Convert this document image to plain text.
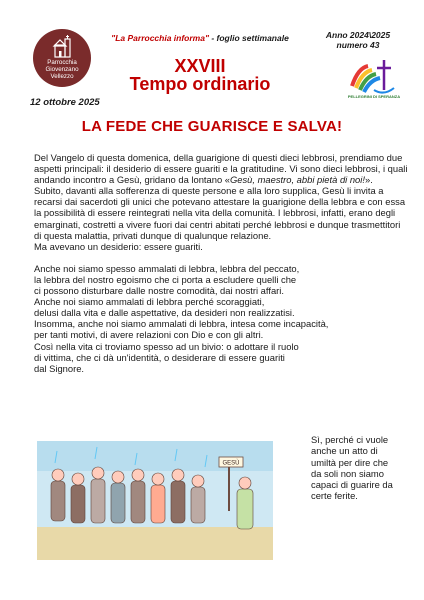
Parrocchia
Giovenzano
Vellezzo
"La Parrocchia informa" - foglio settimanale
XXVIII
Tempo ordinario
12 ottobre 2025
Anno 2024\2025
numero 43
PELLEGRINI DI SPERANZA
LA FEDE CHE GUARISCE E SALVA!

Del Vangelo di questa domenica, della guarigione di questi dieci lebbrosi, prendiamo due aspetti principali: il desiderio di essere guariti e la gratitudine. Vi sono dieci lebbrosi, i quali andando incontro a Gesù, gridano da lontano «Gesù, maestro, abbi pietà di noi!».

Subito, davanti alla sofferenza di queste persone e alla loro supplica, Gesù li invita a recarsi dai sacerdoti gli unici che potevano attestare la guarigione della lebbra e con essa la possibilità di essere reintegrati nella vita della comunità. I lebbrosi, infatti, erano degli emarginati, costretti a vivere fuori dai centri abitati perché lebbrosi e dunque trasmettitori di questa malattia, privati dunque di qualunque relazione.

Ma avevano un desiderio: essere guariti.

Anche noi siamo spesso ammalati di lebbra, lebbra del peccato,
la lebbra del nostro egoismo che ci porta a escludere quelli che
ci possono disturbare dalle nostre comodità, dai nostri affari.
Anche noi siamo ammalati di lebbra perché scoraggiati,
delusi dalla vita e dalle aspettative, da desideri non realizzatisi.
Insomma, anche noi siamo ammalati di lebbra, intesa come incapacità,
per tanti motivi, di avere relazioni con Dio e con gli altri.
Così nella vita ci troviamo spesso ad un bivio: o adottare il ruolo
di vittima, che ci dà un'identità, o desiderare di essere guariti
dal Signore.

GESÙ
Sì, perché ci vuole anche un atto di umiltà per dire che da soli non siamo capaci di guarire da certe ferite.
